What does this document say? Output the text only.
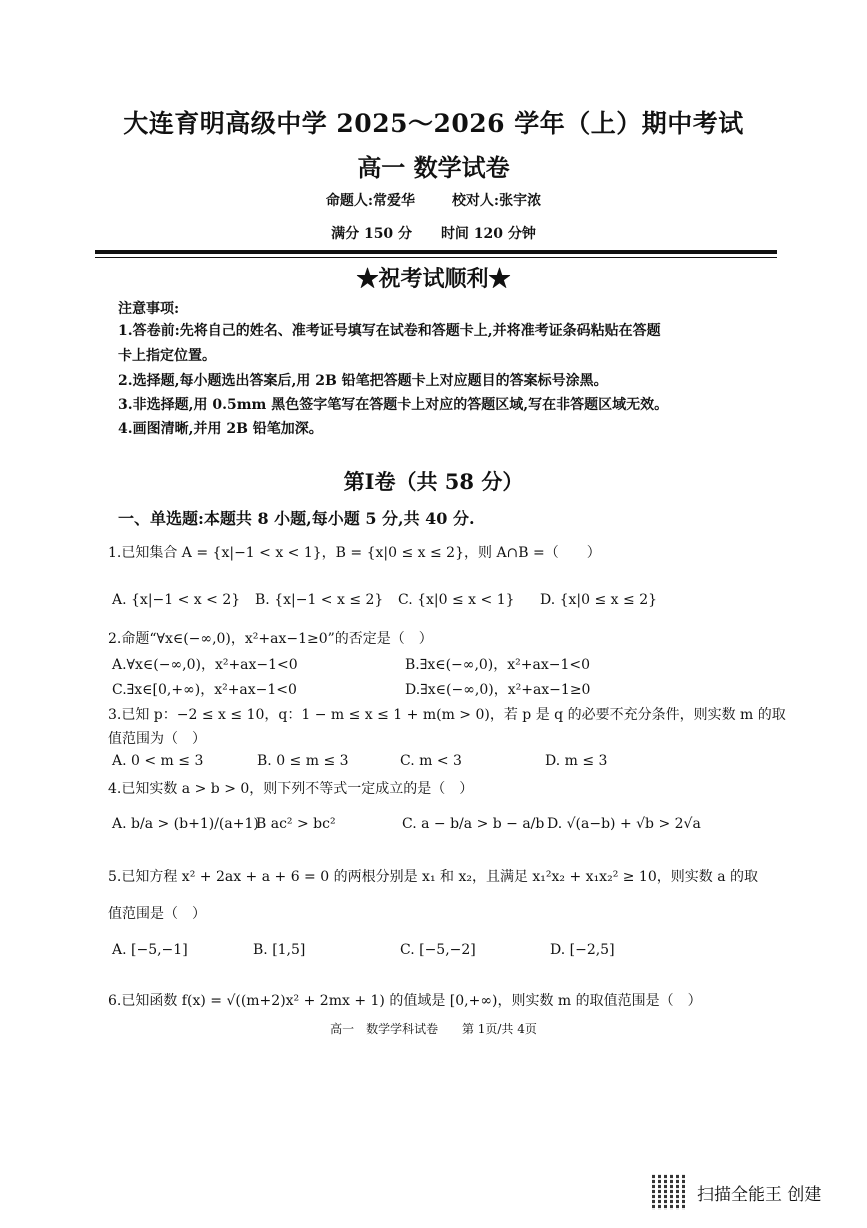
大连育明高级中学 2025～2026 学年（上）期中考试
高一 数学试卷
命题人:常爱华	校对人:张宇浓
满分 150 分 时间 120 分钟
★祝考试顺利★
注意事项:
1.答卷前:先将自己的姓名、准考证号填写在试卷和答题卡上,并将准考证条码粘贴在答题
卡上指定位置。
2.选择题,每小题选出答案后,用 2B 铅笔把答题卡上对应题目的答案标号涂黑。
3.非选择题,用 0.5mm 黑色签字笔写在答题卡上对应的答题区域,写在非答题区域无效。
4.画图清晰,并用 2B 铅笔加深。
第I卷（共 58 分）
一、单选题:本题共 8 小题,每小题 5 分,共 40 分.
1.已知集合 A = {x|−1 < x < 1}，B = {x|0 ≤ x ≤ 2}，则 A∩B =（　　）
A. {x|−1 < x < 2} B. {x|−1 < x ≤ 2} C. {x|0 ≤ x < 1} D. {x|0 ≤ x ≤ 2}
2.命题“∀x∈(−∞,0)，x²+ax−1≥0”的否定是（　）
A.∀x∈(−∞,0)，x²+ax−1<0	B.∃x∈(−∞,0)，x²+ax−1<0
C.∃x∈[0,+∞)，x²+ax−1<0	D.∃x∈(−∞,0)，x²+ax−1≥0
3.已知 p：−2 ≤ x ≤ 10，q：1 − m ≤ x ≤ 1 + m(m > 0)，若 p 是 q 的必要不充分条件，则实数 m 的取
值范围为（　）
A. 0 < m ≤ 3	B. 0 ≤ m ≤ 3	C. m < 3	D. m ≤ 3
4.已知实数 a > b > 0，则下列不等式一定成立的是（　）
A. b/a > (b+1)/(a+1)
B ac² > bc²	C. a − b/a > b − a/b D. √(a−b) + √b > 2√a
5.已知方程 x² + 2ax + a + 6 = 0 的两根分别是 x₁ 和 x₂，且满足 x₁²x₂ + x₁x₂² ≥ 10，则实数 a 的取
值范围是（　）
A. [−5,−1]	B. [1,5]	C. [−5,−2]	D. [−2,5]
6.已知函数 f(x) = √((m+2)x² + 2mx + 1) 的值域是 [0,+∞)，则实数 m 的取值范围是（　）
高一　数学学科试卷 第 1页/共 4页
扫描全能王 创建
